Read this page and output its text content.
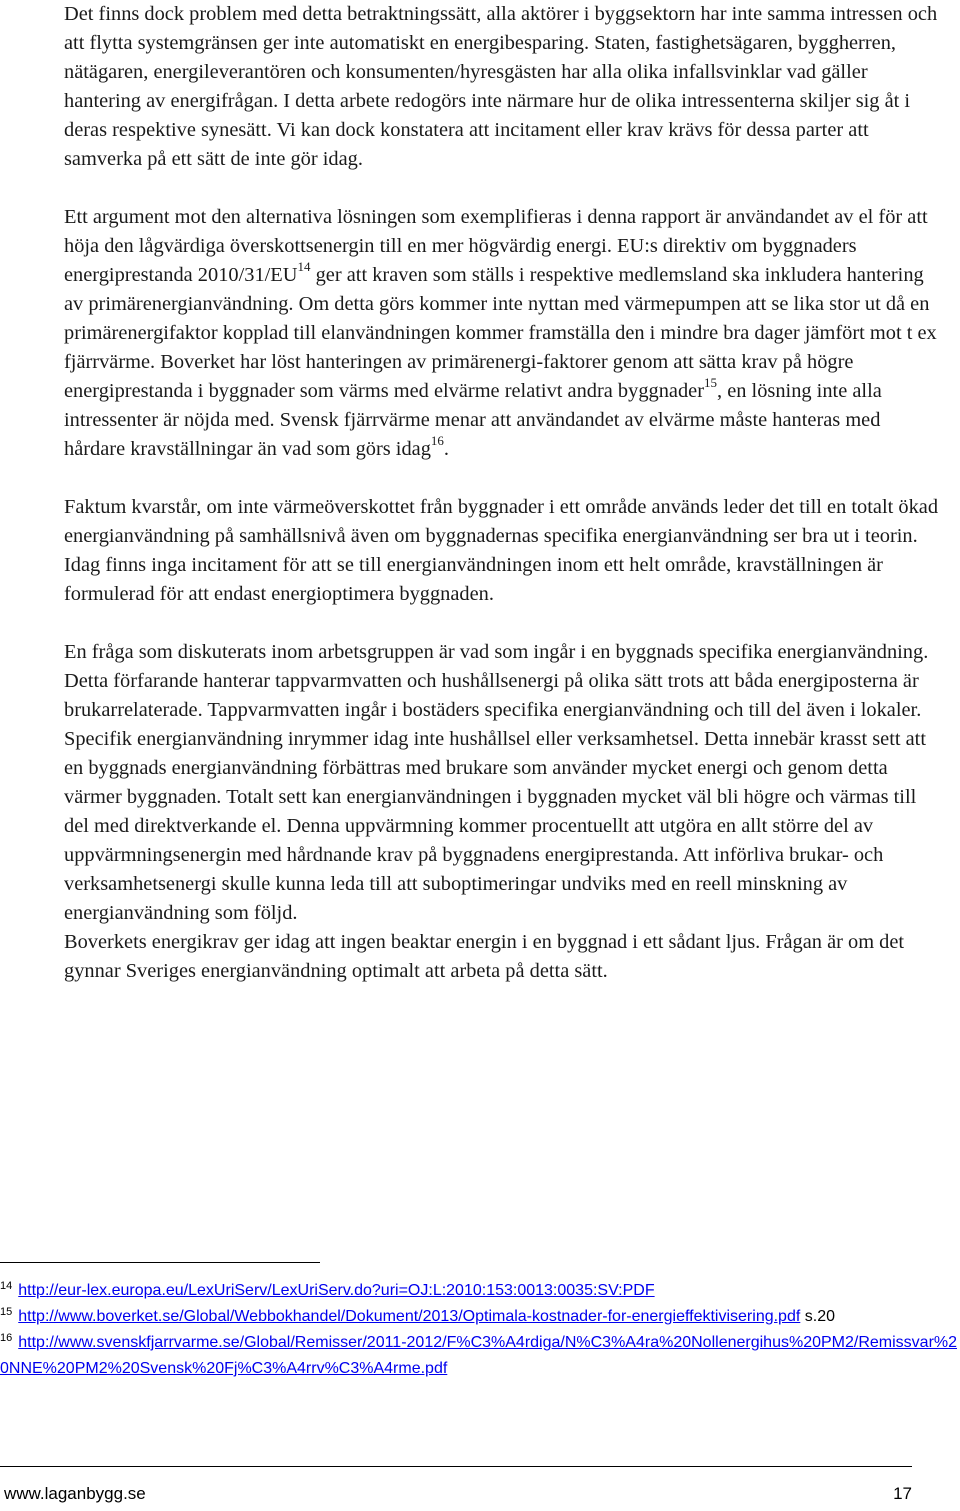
Det finns dock problem med detta betraktningssätt, alla aktörer i byggsektorn har inte samma intressen och att flytta systemgränsen ger inte automatiskt en energibesparing. Staten, fastighetsägaren, byggherren, nätägaren, energileverantören och konsumenten/hyresgästen har alla olika infallsvinklar vad gäller hantering av energifrågan. I detta arbete redogörs inte närmare hur de olika intressenterna skiljer sig åt i deras respektive synesätt. Vi kan dock konstatera att incitament eller krav krävs för dessa parter att samverka på ett sätt de inte gör idag.

Ett argument mot den alternativa lösningen som exemplifieras i denna rapport är användandet av el för att höja den lågvärdiga överskottsenergin till en mer högvärdig energi. EU:s direktiv om byggnaders energiprestanda 2010/31/EU$^{14}$ ger att kraven som ställs i respektive medlemsland ska inkludera hantering av primärenergianvändning. Om detta görs kommer inte nyttan med värmepumpen att se lika stor ut då en primärenergifaktor kopplad till elanvändningen kommer framställa den i mindre bra dager jämfört mot t ex fjärrvärme. Boverket har löst hanteringen av primärenergi-faktorer genom att sätta krav på högre energiprestanda i byggnader som värms med elvärme relativt andra byggnader$^{15}$, en lösning inte alla intressenter är nöjda med. Svensk fjärrvärme menar att användandet av elvärme måste hanteras med hårdare kravställningar än vad som görs idag$^{16}$.

Faktum kvarstår, om inte värmeöverskottet från byggnader i ett område används leder det till en totalt ökad energianvändning på samhällsnivå även om byggnadernas specifika energianvändning ser bra ut i teorin. Idag finns inga incitament för att se till energianvändningen inom ett helt område, kravställningen är formulerad för att endast energioptimera byggnaden.

En fråga som diskuterats inom arbetsgruppen är vad som ingår i en byggnads specifika energianvändning. Detta förfarande hanterar tappvarmvatten och hushållsenergi på olika sätt trots att båda energiposterna är brukarrelaterade. Tappvarmvatten ingår i bostäders specifika energianvändning och till del även i lokaler.

Specifik energianvändning inrymmer idag inte hushållsel eller verksamhetsel. Detta innebär krasst sett att en byggnads energianvändning förbättras med brukare som använder mycket energi och genom detta värmer byggnaden. Totalt sett kan energianvändningen i byggnaden mycket väl bli högre och värmas till del med direktverkande el. Denna uppvärmning kommer procentuellt att utgöra en allt större del av uppvärmningsenergin med hårdnande krav på byggnadens energiprestanda. Att införliva brukar- och verksamhetsenergi skulle kunna leda till att suboptimeringar undviks med en reell minskning av energianvändning som följd.

Boverkets energikrav ger idag att ingen beaktar energin i en byggnad i ett sådant ljus. Frågan är om det gynnar Sveriges energianvändning optimalt att arbeta på detta sätt.

$^{14}$ http://eur-lex.europa.eu/LexUriServ/LexUriServ.do?uri=OJ:L:2010:153:0013:0035:SV:PDF

$^{15}$ http://www.boverket.se/Global/Webbokhandel/Dokument/2013/Optimala-kostnader-for-energieffektivisering.pdf s.20

$^{16}$ http://www.svenskfjarrvarme.se/Global/Remisser/2011-2012/F%C3%A4rdiga/N%C3%A4ra%20Nollenergihus%20PM2/Remissvar%20NNE%20PM2%20Svensk%20Fj%C3%A4rrv%C3%A4rme.pdf

www.laganbygg.se	17
